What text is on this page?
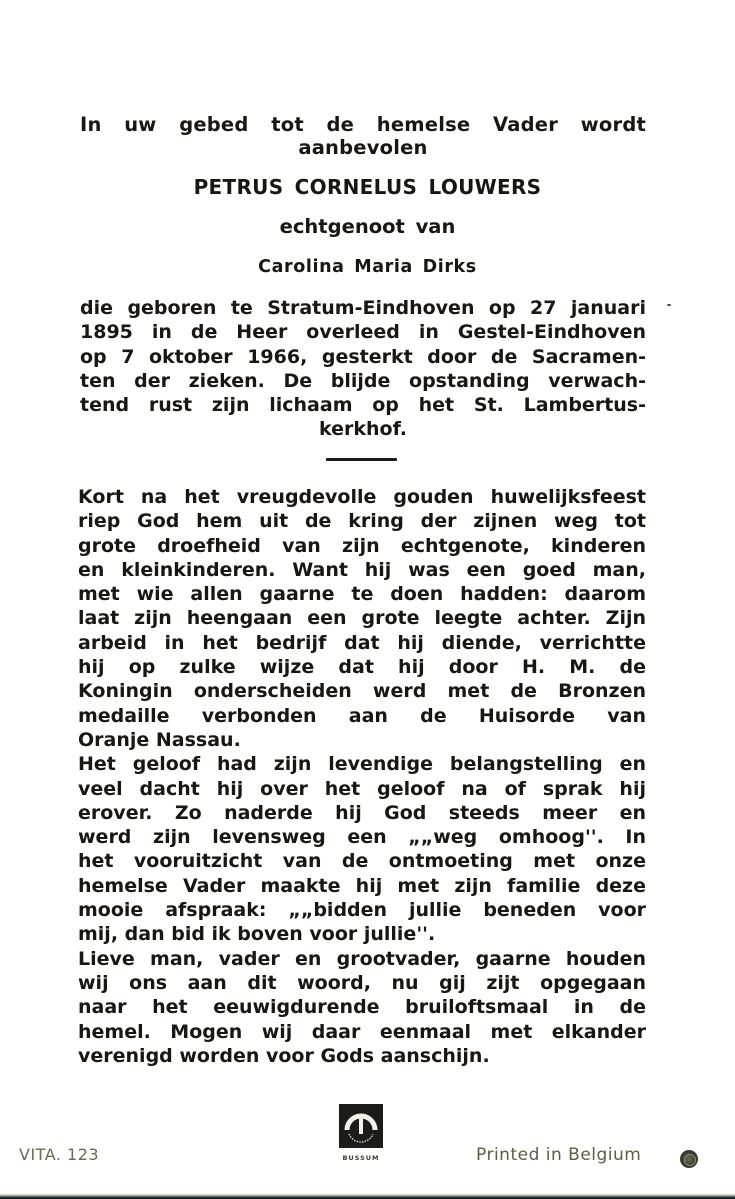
In uw gebed tot de hemelse Vader wordt
aanbevolen
PETRUS CORNELUS LOUWERS
echtgenoot van
Carolina Maria Dirks
die geboren te Stratum-Eindhoven op 27 januari
1895 in de Heer overleed in Gestel-Eindhoven
op 7 oktober 1966, gesterkt door de Sacramen-
ten der zieken. De blijde opstanding verwach-
tend rust zijn lichaam op het St. Lambertus-
kerkhof.
Kort na het vreugdevolle gouden huwelijksfeest
riep God hem uit de kring der zijnen weg tot
grote droefheid van zijn echtgenote, kinderen
en kleinkinderen. Want hij was een goed man,
met wie allen gaarne te doen hadden: daarom
laat zijn heengaan een grote leegte achter. Zijn
arbeid in het bedrijf dat hij diende, verrichtte
hij op zulke wijze dat hij door H. M. de
Koningin onderscheiden werd met de Bronzen
medaille verbonden aan de Huisorde van
Oranje Nassau.
Het geloof had zijn levendige belangstelling en
veel dacht hij over het geloof na of sprak hij
erover. Zo naderde hij God steeds meer en
werd zijn levensweg een „„weg omhoog''. In
het vooruitzicht van de ontmoeting met onze
hemelse Vader maakte hij met zijn familie deze
mooie afspraak: „„bidden jullie beneden voor
mij, dan bid ik boven voor jullie''.
Lieve man, vader en grootvader, gaarne houden
wij ons aan dit woord, nu gij zijt opgegaan
naar het eeuwigdurende bruiloftsmaal in de
hemel. Mogen wij daar eenmaal met elkander
verenigd worden voor Gods aanschijn.
VITA. 123	BUSSUM	Printed in Belgium
